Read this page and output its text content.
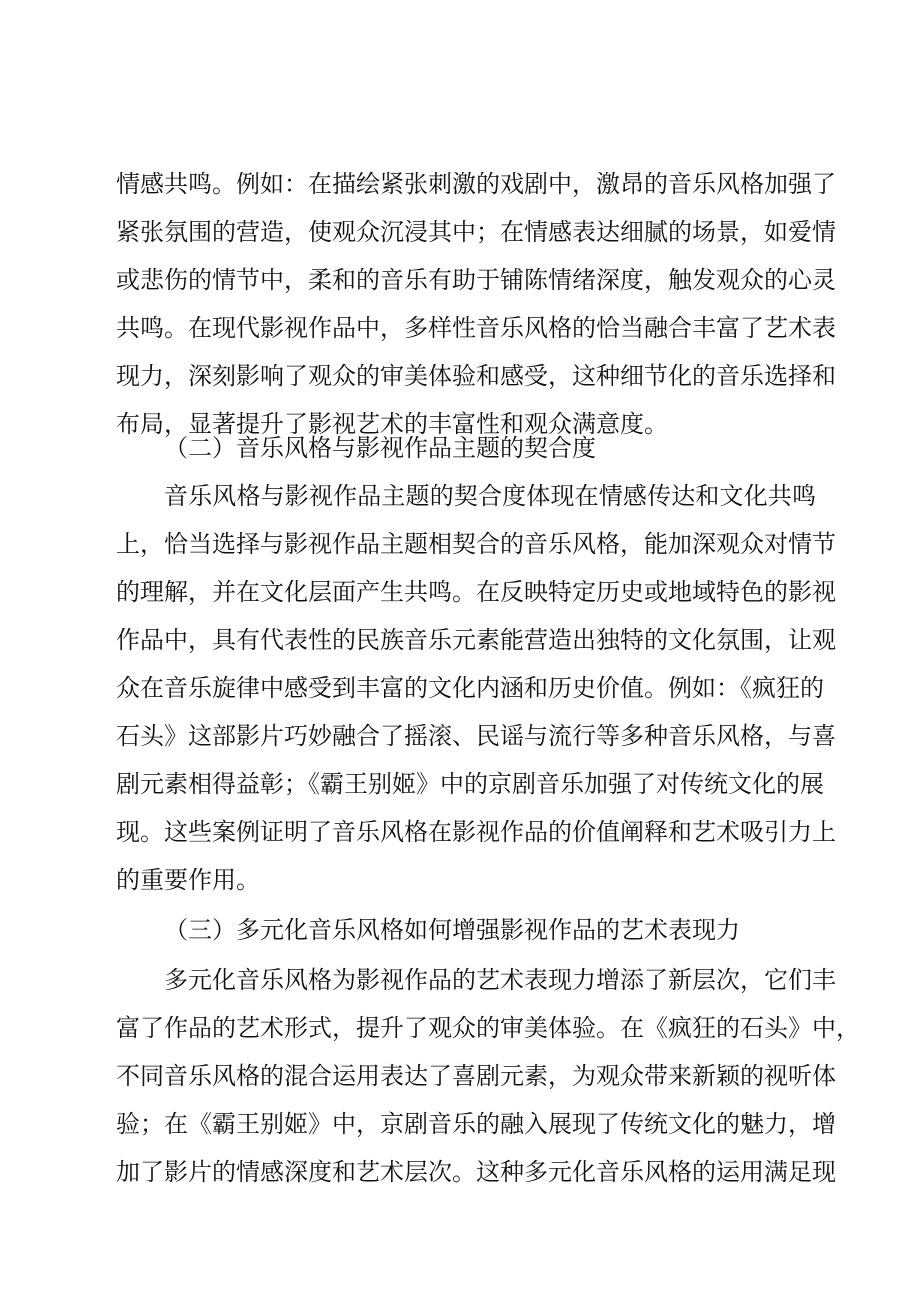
情感共鸣。例如：在描绘紧张刺激的戏剧中，激昂的音乐风格加强了
紧张氛围的营造，使观众沉浸其中；在情感表达细腻的场景，如爱情
或悲伤的情节中，柔和的音乐有助于铺陈情绪深度，触发观众的心灵
共鸣。在现代影视作品中，多样性音乐风格的恰当融合丰富了艺术表
现力，深刻影响了观众的审美体验和感受，这种细节化的音乐选择和
布局，显著提升了影视艺术的丰富性和观众满意度。
（二）音乐风格与影视作品主题的契合度
音乐风格与影视作品主题的契合度体现在情感传达和文化共鸣
上，恰当选择与影视作品主题相契合的音乐风格，能加深观众对情节
的理解，并在文化层面产生共鸣。在反映特定历史或地域特色的影视
作品中，具有代表性的民族音乐元素能营造出独特的文化氛围，让观
众在音乐旋律中感受到丰富的文化内涵和历史价值。例如：《疯狂的
石头》这部影片巧妙融合了摇滚、民谣与流行等多种音乐风格，与喜
剧元素相得益彰；《霸王别姬》中的京剧音乐加强了对传统文化的展
现。这些案例证明了音乐风格在影视作品的价值阐释和艺术吸引力上
的重要作用。
（三）多元化音乐风格如何增强影视作品的艺术表现力
多元化音乐风格为影视作品的艺术表现力增添了新层次，它们丰
富了作品的艺术形式，提升了观众的审美体验。在《疯狂的石头》中，
不同音乐风格的混合运用表达了喜剧元素，为观众带来新颖的视听体
验；在《霸王别姬》中，京剧音乐的融入展现了传统文化的魅力，增
加了影片的情感深度和艺术层次。这种多元化音乐风格的运用满足现
